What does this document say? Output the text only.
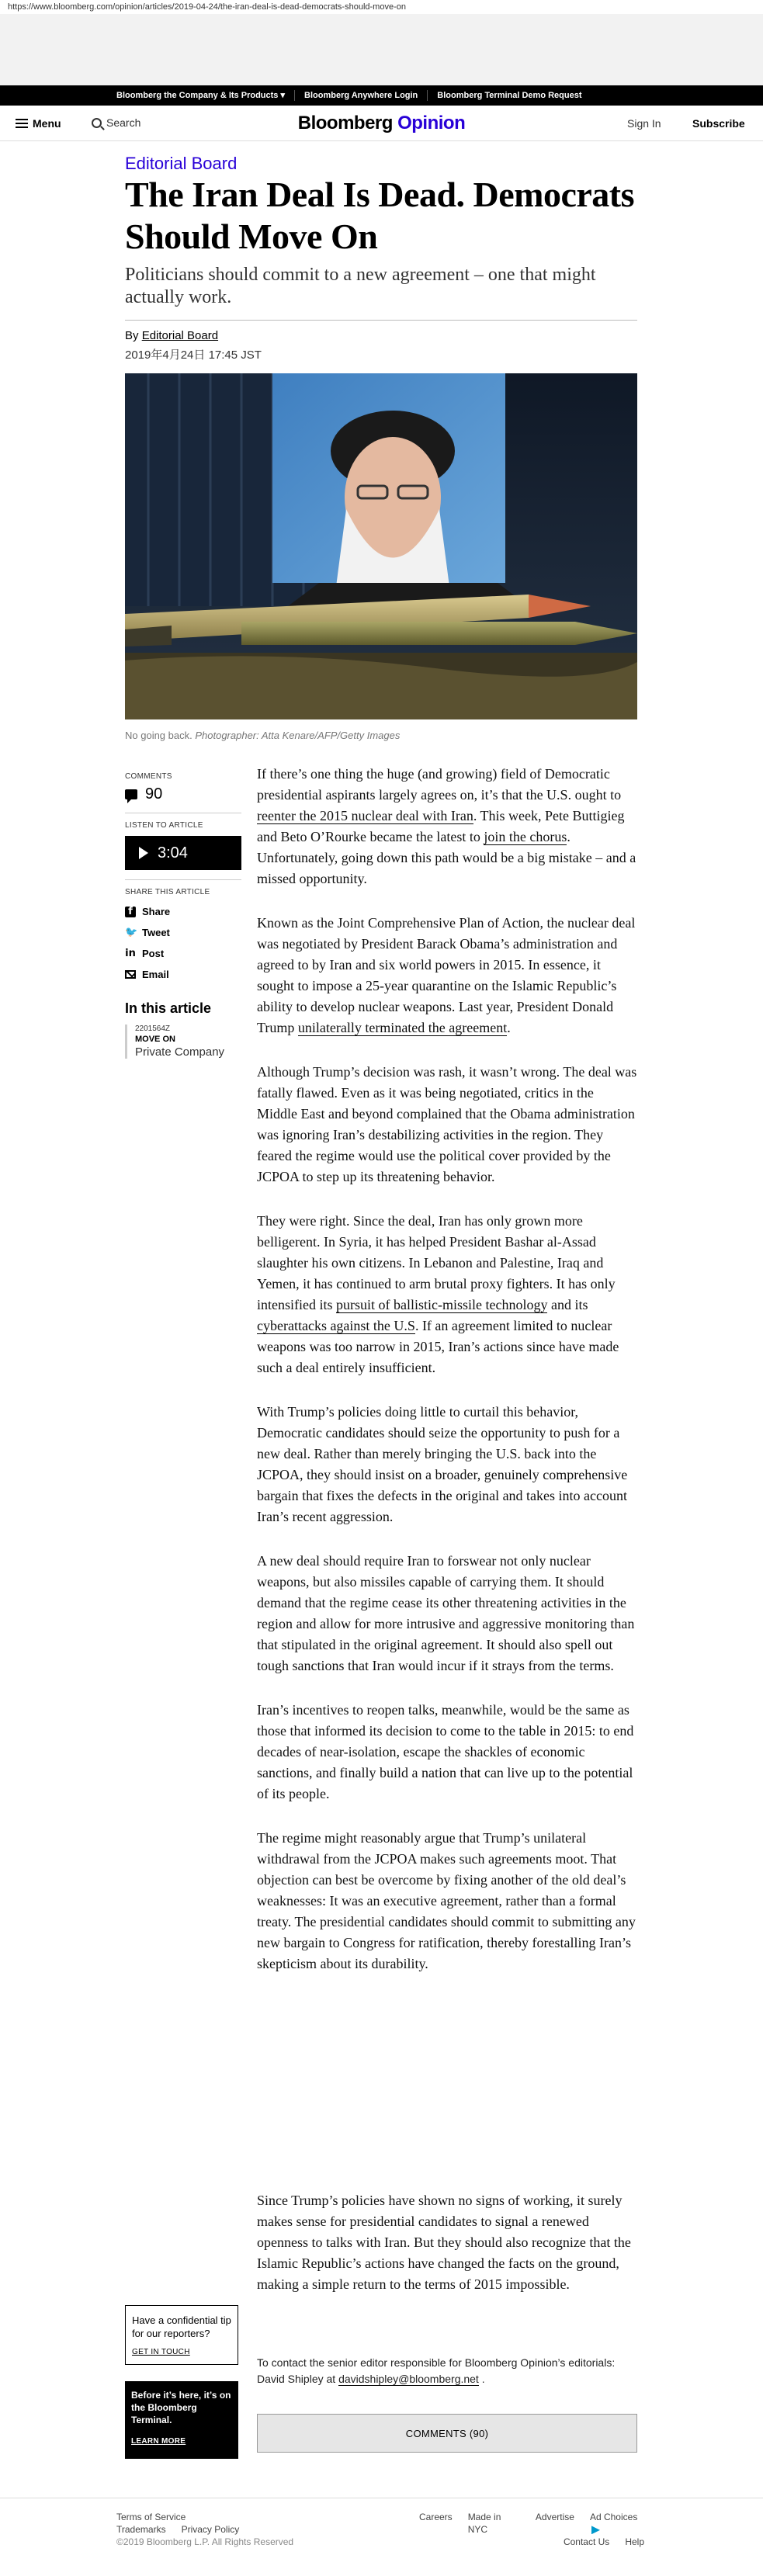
https://www.bloomberg.com/opinion/articles/2019-04-24/the-iran-deal-is-dead-democrats-should-move-on
Bloomberg the Company & Its Products ▾	Bloomberg Anywhere Login	Bloomberg Terminal Demo Request
Menu	Search	Bloomberg Opinion	Sign In	Subscribe
Editorial Board
The Iran Deal Is Dead. Democrats Should Move On
Politicians should commit to a new agreement – one that might actually work.
By Editorial Board
2019年4月24日 17:45 JST
No going back. Photographer: Atta Kenare/AFP/Getty Images
COMMENTS
90
LISTEN TO ARTICLE
3:04
SHARE THIS ARTICLE
f Share
🐦 Tweet
in Post
Email
In this article
2201564Z
MOVE ON
Private Company

If there’s one thing the huge (and growing) field of Democratic presidential aspirants largely agrees on, it’s that the U.S. ought to reenter the 2015 nuclear deal with Iran. This week, Pete Buttigieg and Beto O’Rourke became the latest to join the chorus. Unfortunately, going down this path would be a big mistake – and a missed opportunity.

Known as the Joint Comprehensive Plan of Action, the nuclear deal was negotiated by President Barack Obama’s administration and agreed to by Iran and six world powers in 2015. In essence, it sought to impose a 25-year quarantine on the Islamic Republic’s ability to develop nuclear weapons. Last year, President Donald Trump unilaterally terminated the agreement.

Although Trump’s decision was rash, it wasn’t wrong. The deal was fatally flawed. Even as it was being negotiated, critics in the Middle East and beyond complained that the Obama administration was ignoring Iran’s destabilizing activities in the region. They feared the regime would use the political cover provided by the JCPOA to step up its threatening behavior.

They were right. Since the deal, Iran has only grown more belligerent. In Syria, it has helped President Bashar al-Assad slaughter his own citizens. In Lebanon and Palestine, Iraq and Yemen, it has continued to arm brutal proxy fighters. It has only intensified its pursuit of ballistic-missile technology and its cyberattacks against the U.S. If an agreement limited to nuclear weapons was too narrow in 2015, Iran’s actions since have made such a deal entirely insufficient.

With Trump’s policies doing little to curtail this behavior, Democratic candidates should seize the opportunity to push for a new deal. Rather than merely bringing the U.S. back into the JCPOA, they should insist on a broader, genuinely comprehensive bargain that fixes the defects in the original and takes into account Iran’s recent aggression.

A new deal should require Iran to forswear not only nuclear weapons, but also missiles capable of carrying them. It should demand that the regime cease its other threatening activities in the region and allow for more intrusive and aggressive monitoring than that stipulated in the original agreement. It should also spell out tough sanctions that Iran would incur if it strays from the terms.

Iran’s incentives to reopen talks, meanwhile, would be the same as those that informed its decision to come to the table in 2015: to end decades of near-isolation, escape the shackles of economic sanctions, and finally build a nation that can live up to the potential of its people.

The regime might reasonably argue that Trump’s unilateral withdrawal from the JCPOA makes such agreements moot. That objection can best be overcome by fixing another of the old deal’s weaknesses: It was an executive agreement, rather than a formal treaty. The presidential candidates should commit to submitting any new bargain to Congress for ratification, thereby forestalling Iran’s skepticism about its durability.

Since Trump’s policies have shown no signs of working, it surely makes sense for presidential candidates to signal a renewed openness to talks with Iran. But they should also recognize that the Islamic Republic’s actions have changed the facts on the ground, making a simple return to the terms of 2015 impossible.

To contact the senior editor responsible for Bloomberg Opinion’s editorials: David Shipley at davidshipley@bloomberg.net .
COMMENTS (90)
Have a confidential tip for our reporters?
GET IN TOUCH
Before it’s here, it’s on the Bloomberg Terminal.
LEARN MORE
Terms of Service
Trademarks Privacy Policy
©2019 Bloomberg L.P. All Rights Reserved
Careers Made in NYC
Advertise Ad Choices
Contact Us Help
